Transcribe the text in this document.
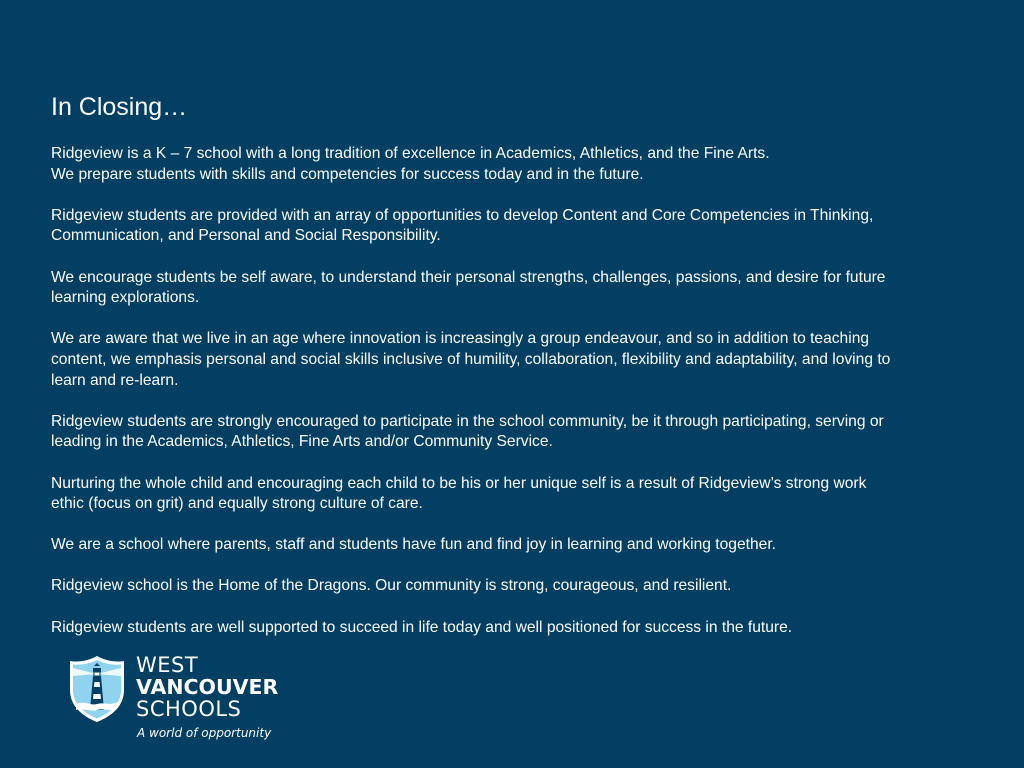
In Closing…

Ridgeview is a K – 7 school with a long tradition of excellence in Academics, Athletics, and the Fine Arts.
We prepare students with skills and competencies for success today and in the future.

Ridgeview students are provided with an array of opportunities to develop Content and Core Competencies in Thinking,
Communication, and Personal and Social Responsibility.

We encourage students be self aware, to understand their personal strengths, challenges, passions, and desire for future
learning explorations.

We are aware that we live in an age where innovation is increasingly a group endeavour, and so in addition to teaching
content, we emphasis personal and social skills inclusive of humility, collaboration, flexibility and adaptability, and loving to
learn and re-learn.

Ridgeview students are strongly encouraged to participate in the school community, be it through participating, serving or
leading in the Academics, Athletics, Fine Arts and/or Community Service.

Nurturing the whole child and encouraging each child to be his or her unique self is a result of Ridgeview’s strong work
ethic (focus on grit) and equally strong culture of care.

We are a school where parents, staff and students have fun and find joy in learning and working together.

Ridgeview school is the Home of the Dragons. Our community is strong, courageous, and resilient.

Ridgeview students are well supported to succeed in life today and well positioned for success in the future.

WEST
VANCOUVER
SCHOOLS
A world of opportunity
